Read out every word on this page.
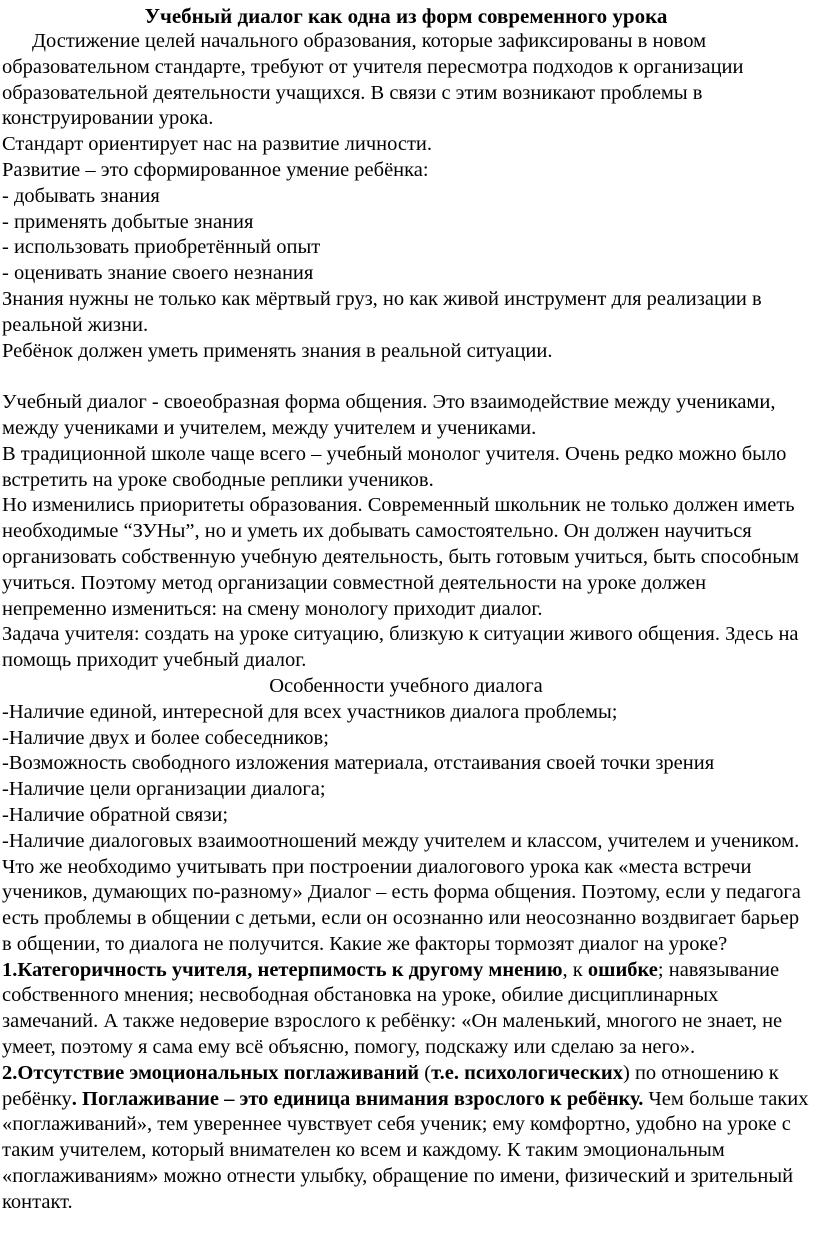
Учебный диалог как одна из форм современного урока

Достижение целей начального образования, которые зафиксированы в новом образовательном стандарте, требуют от учителя пересмотра подходов к организации образовательной деятельности учащихся. В связи с этим возникают проблемы в конструировании урока.

Стандарт ориентирует нас на развитие личности.

Развитие – это сформированное умение ребёнка:

- добывать знания

- применять добытые знания

- использовать приобретённый опыт

- оценивать знание своего незнания

Знания нужны не только как мёртвый груз, но как живой инструмент для реализации в реальной жизни.

Ребёнок должен уметь применять знания в реальной ситуации.

Учебный диалог - своеобразная форма общения. Это взаимодействие между учениками, между учениками и учителем, между учителем и учениками.

В традиционной школе чаще всего – учебный монолог учителя. Очень редко можно было встретить на уроке свободные реплики учеников.

Но изменились приоритеты образования. Современный школьник не только должен иметь необходимые “ЗУНы”, но и уметь их добывать самостоятельно. Он должен научиться организовать собственную учебную деятельность, быть готовым учиться, быть способным учиться. Поэтому метод организации совместной деятельности на уроке должен непременно измениться: на смену монологу приходит диалог.

Задача учителя: создать на уроке ситуацию, близкую к ситуации живого общения. Здесь на помощь приходит учебный диалог.

Особенности учебного диалога

-Наличие единой, интересной для всех участников диалога проблемы;

-Наличие двух и более собеседников;

-Возможность свободного изложения материала, отстаивания своей точки зрения

-Наличие цели организации диалога;

-Наличие обратной связи;

-Наличие диалоговых взаимоотношений между учителем и классом, учителем и учеником.

Что же необходимо учитывать при построении диалогового урока как «места встречи учеников, думающих по-разному» Диалог – есть форма общения. Поэтому, если у педагога есть проблемы в общении с детьми, если он осознанно или неосознанно воздвигает барьер в общении, то диалога не получится. Какие же факторы тормозят диалог на уроке?

1.Категоричность учителя, нетерпимость к другому мнению, к ошибке; навязывание собственного мнения; несвободная обстановка на уроке, обилие дисциплинарных замечаний. А также недоверие взрослого к ребёнку: «Он маленький, многого не знает, не умеет, поэтому я сама ему всё объясню, помогу, подскажу или сделаю за него».

2.Отсутствие эмоциональных поглаживаний (т.е. психологических) по отношению к ребёнку. Поглаживание – это единица внимания взрослого к ребёнку. Чем больше таких «поглаживаний», тем увереннее чувствует себя ученик; ему комфортно, удобно на уроке с таким учителем, который внимателен ко всем и каждому. К таким эмоциональным «поглаживаниям» можно отнести улыбку, обращение по имени, физический и зрительный контакт.
